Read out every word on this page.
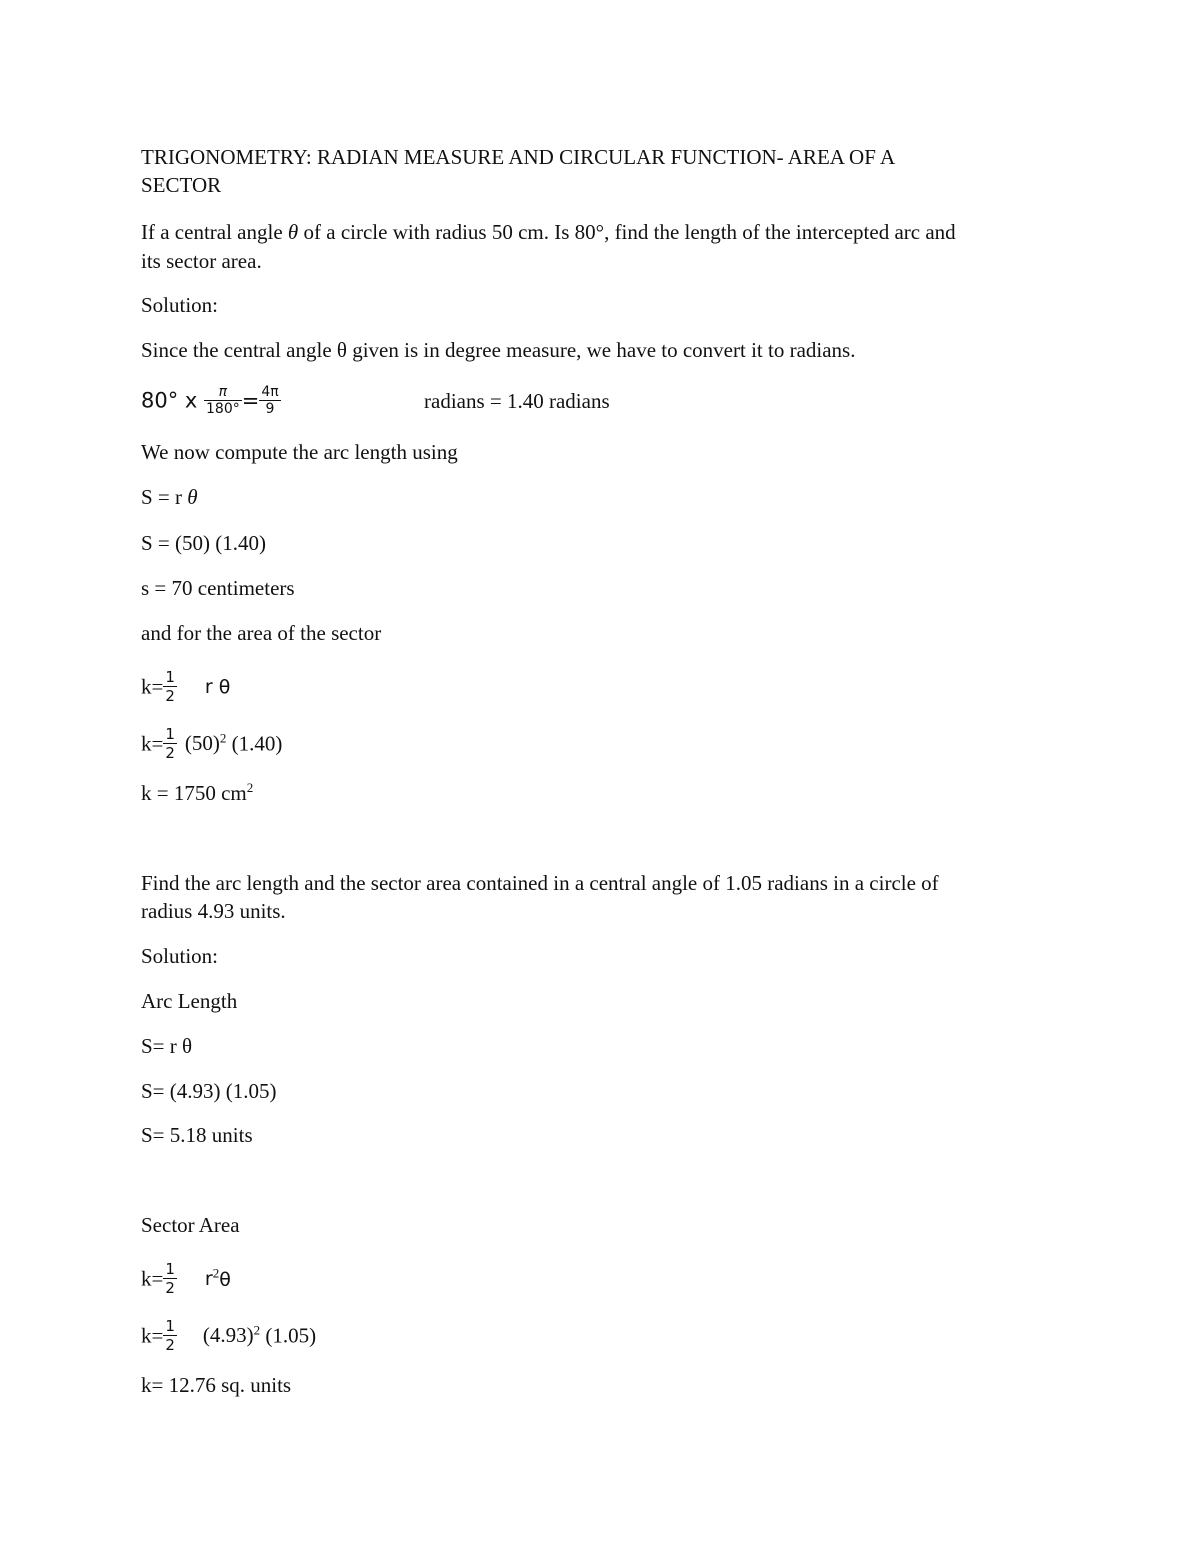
TRIGONOMETRY: RADIAN MEASURE AND CIRCULAR FUNCTION- AREA OF A
SECTOR
If a central angle θ of a circle with radius 50 cm. Is 80°, find the length of the intercepted arc and
its sector area.
Solution:
Since the central angle θ given is in degree measure, we have to convert it to radians.
80° x $\frac{\pi}{180^\circ} = \frac{4\pi}{9}$	radians = 1.40 radians
We now compute the arc length using
S = r θ
S = (50) (1.40)
s = 70 centimeters
and for the area of the sector
$k= \frac{1}{2}$ r θ
$k= \frac{1}{2} (50)^2$ (1.40)
k = 1750 $cm^2$
Find the arc length and the sector area contained in a central angle of 1.05 radians in a circle of
radius 4.93 units.
Solution:
Arc Length
S= r θ
S= (4.93) (1.05)
S= 5.18 units
Sector Area
$k= \frac{1}{2} r^2\theta$
$k= \frac{1}{2} (4.93)^2$ (1.05)
k= 12.76 sq. units
